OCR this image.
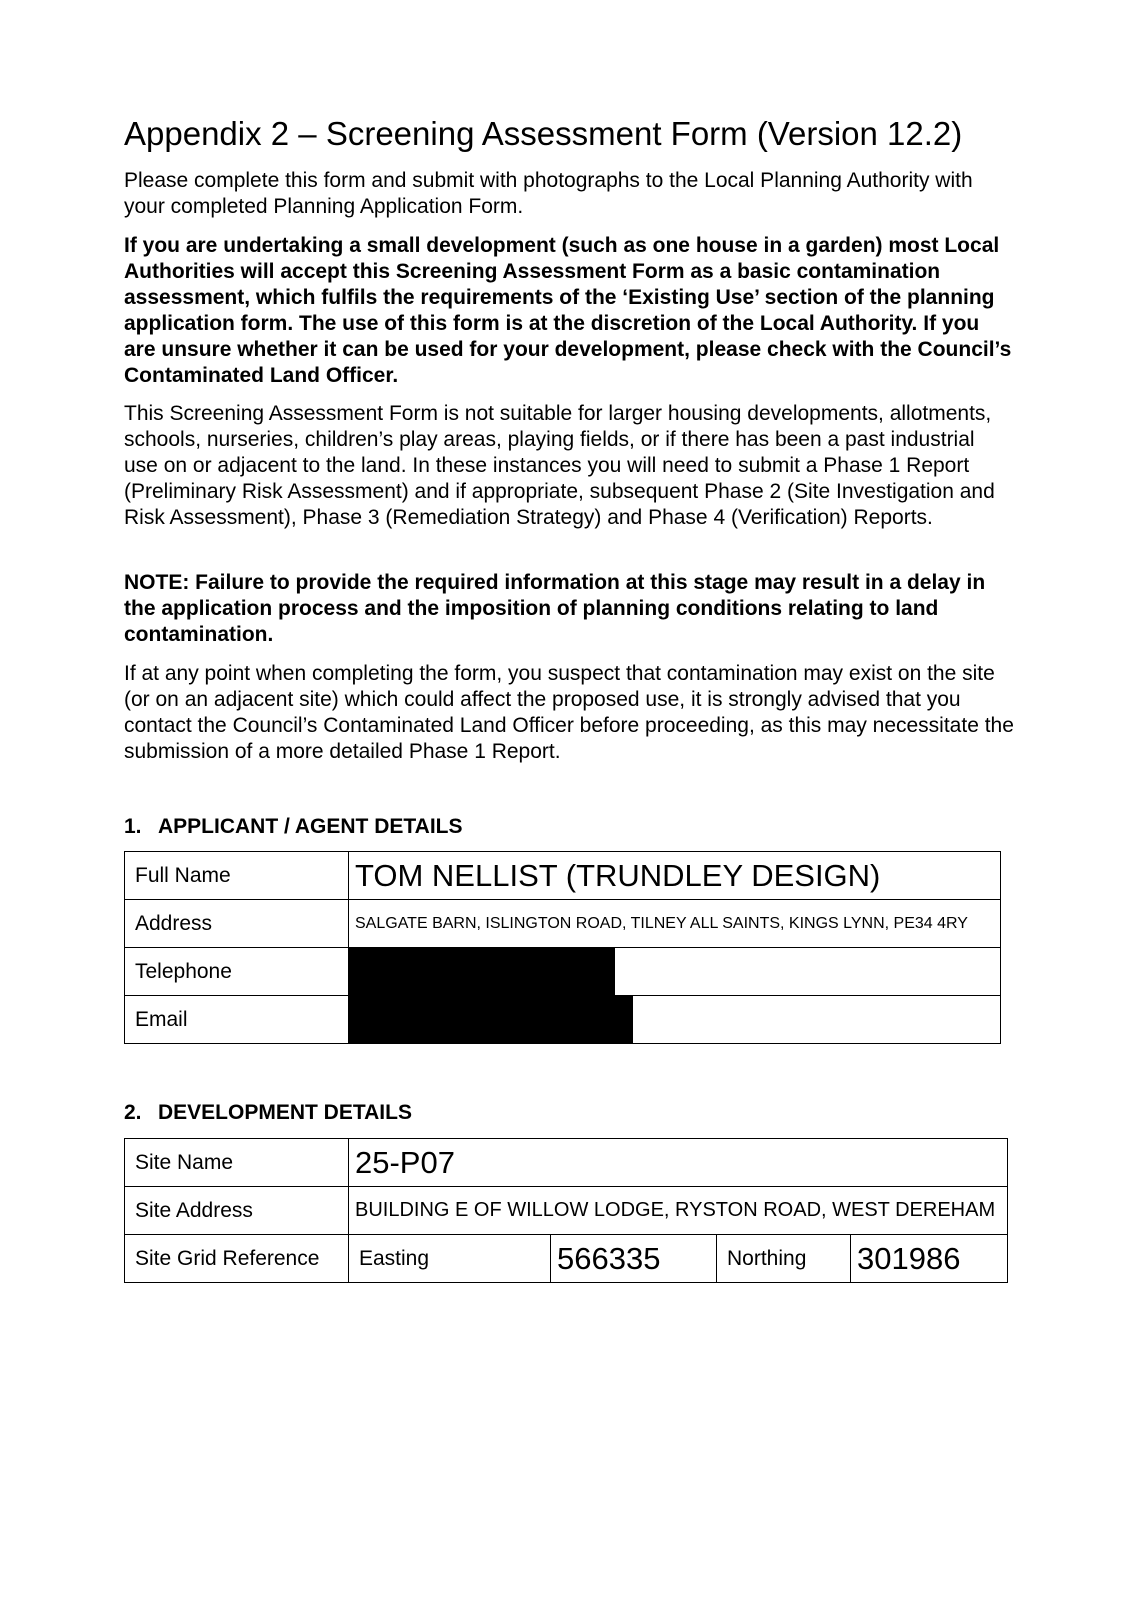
Appendix 2 – Screening Assessment Form (Version 12.2)

Please complete this form and submit with photographs to the Local Planning Authority with your completed Planning Application Form.

If you are undertaking a small development (such as one house in a garden) most Local Authorities will accept this Screening Assessment Form as a basic contamination assessment, which fulfils the requirements of the ‘Existing Use’ section of the planning application form. The use of this form is at the discretion of the Local Authority. If you are unsure whether it can be used for your development, please check with the Council’s Contaminated Land Officer.

This Screening Assessment Form is not suitable for larger housing developments, allotments, schools, nurseries, children’s play areas, playing fields, or if there has been a past industrial use on or adjacent to the land. In these instances you will need to submit a Phase 1 Report (Preliminary Risk Assessment) and if appropriate, subsequent Phase 2 (Site Investigation and Risk Assessment), Phase 3 (Remediation Strategy) and Phase 4 (Verification) Reports.

NOTE: Failure to provide the required information at this stage may result in a delay in the application process and the imposition of planning conditions relating to land contamination.

If at any point when completing the form, you suspect that contamination may exist on the site (or on an adjacent site) which could affect the proposed use, it is strongly advised that you contact the Council’s Contaminated Land Officer before proceeding, as this may necessitate the submission of a more detailed Phase 1 Report.

1. APPLICANT / AGENT DETAILS
Full Name	TOM NELLIST (TRUNDLEY DESIGN)
Address	SALGATE BARN, ISLINGTON ROAD, TILNEY ALL SAINTS, KINGS LYNN, PE34 4RY
Telephone	

Email	
2. DEVELOPMENT DETAILS
Site Name	25-P07			
Site Address	BUILDING E OF WILLOW LODGE, RYSTON ROAD, WEST DEREHAM			
Site Grid Reference	Easting	566335	Northing	301986
